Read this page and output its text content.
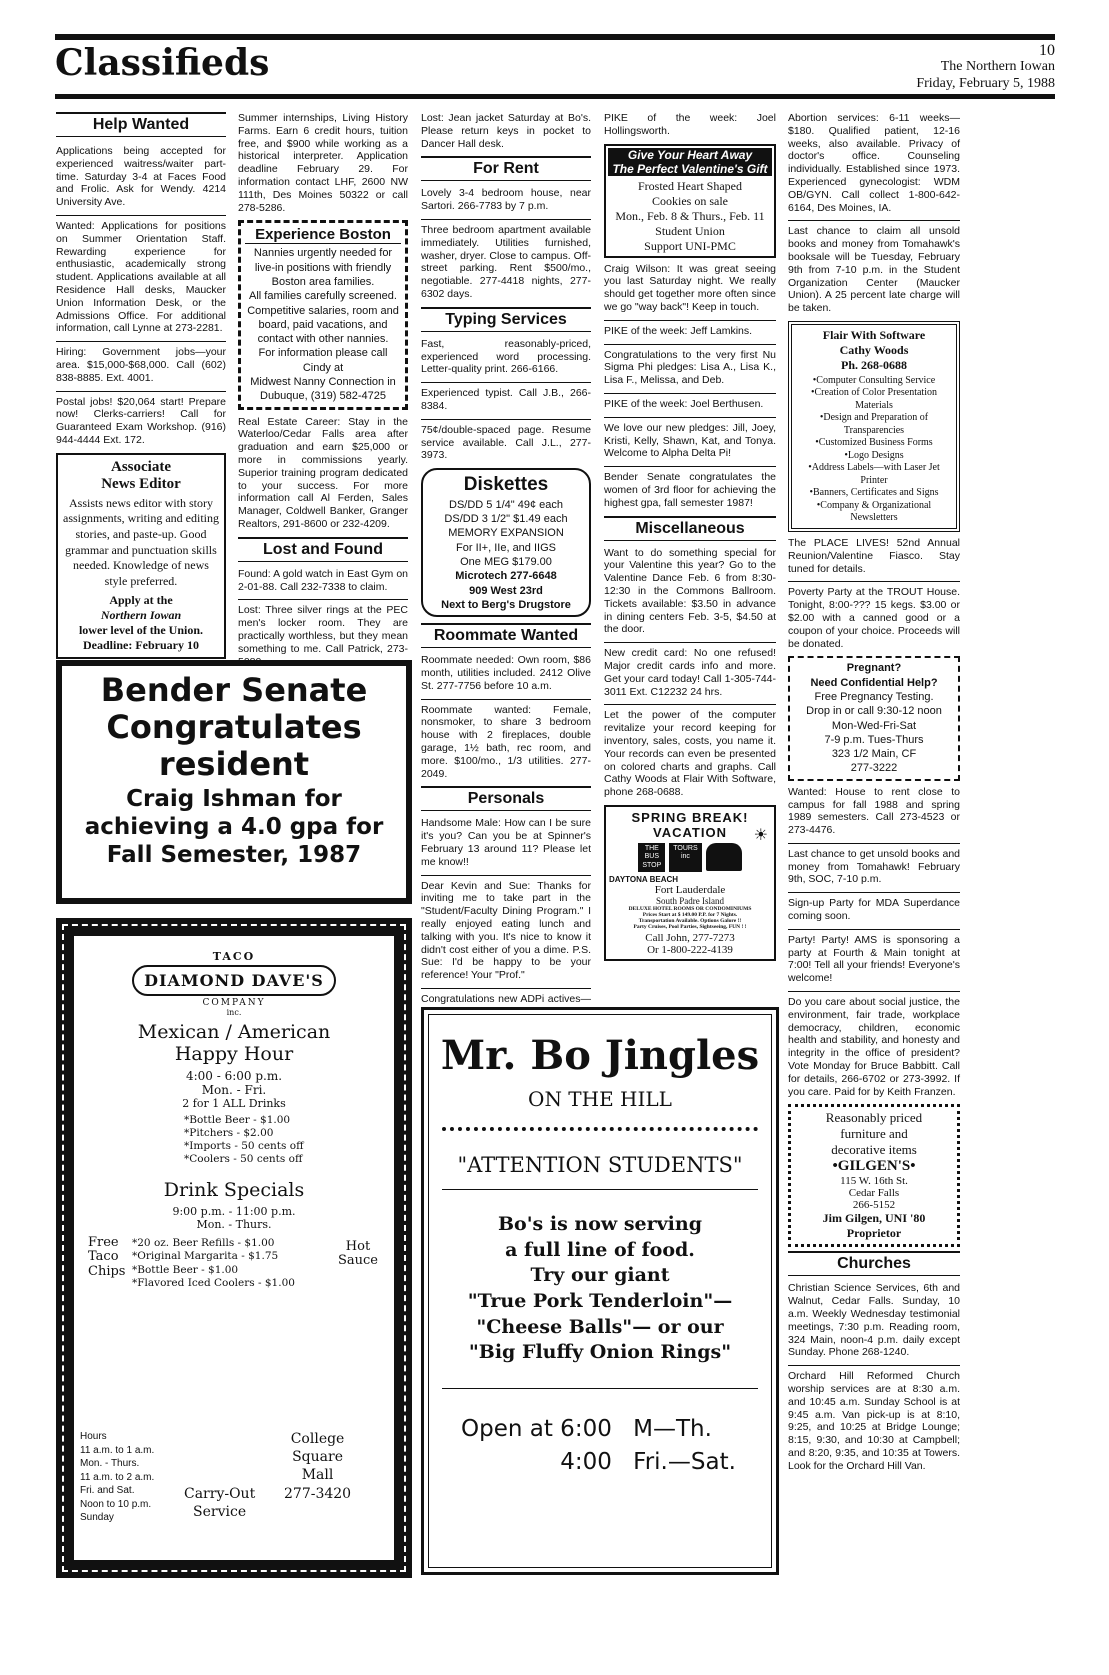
Classifieds	10
The Northern Iowan
Friday, February 5, 1988
Help Wanted

Applications being accepted for experienced waitress/waiter part-time. Saturday 3-4 at Faces Food and Frolic. Ask for Wendy. 4214 University Ave.

Wanted: Applications for positions on Summer Orientation Staff. Rewarding experience for enthusiastic, academically strong student. Applications available at all Residence Hall desks, Maucker Union Information Desk, or the Admissions Office. For additional information, call Lynne at 273-2281.

Hiring: Government jobs—your area. $15,000-$68,000. Call (602) 838-8885. Ext. 4001.

Postal jobs! $20,064 start! Prepare now! Clerks-carriers! Call for Guaranteed Exam Workshop. (916) 944-4444 Ext. 172.

Associate
News Editor
Assists news editor with story assignments, writing and editing stories, and paste-up. Good grammar and punctuation skills needed. Knowledge of news style preferred.
Apply at the
Northern Iowan
lower level of the Union.
Deadline: February 10

Summer internships, Living History Farms. Earn 6 credit hours, tuition free, and $900 while working as a historical interpreter. Application deadline February 29. For information contact LHF, 2600 NW 111th, Des Moines 50322 or call 278-5286.

Experience Boston
Nannies urgently needed for live-in positions with friendly Boston area families.
All families carefully screened. Competitive salaries, room and board, paid vacations, and contact with other nannies.
For information please call Cindy at
Midwest Nanny Connection in Dubuque, (319) 582-4725

Real Estate Career: Stay in the Waterloo/Cedar Falls area after graduation and earn $25,000 or more in commissions yearly. Superior training program dedicated to your success. For more information call Al Ferden, Sales Manager, Coldwell Banker, Granger Realtors, 291-8600 or 232-4209.

Lost and Found

Found: A gold watch in East Gym on 2-01-88. Call 232-7338 to claim.

Lost: Three silver rings at the PEC men's locker room. They are practically worthless, but they mean something to me. Call Patrick, 273-

Lost: Jean jacket Saturday at Bo's. Please return keys in pocket to Dancer Hall desk.

For Rent

Lovely 3-4 bedroom house, near Sartori. 266-7783 by 7 p.m.

Three bedroom apartment available immediately. Utilities furnished, washer, dryer. Close to campus. Off-street parking. Rent $500/mo., negotiable. 277-4418 nights, 277-6302 days.

Typing Services

Fast, reasonably-priced, experienced word processing. Letter-quality print. 266-6166.

Experienced typist. Call J.B., 266-8384.

75¢/double-spaced page. Resume service available. Call J.L., 277-3973.

Diskettes
DS/DD 5 1/4" 49¢ each
DS/DD 3 1/2" $1.49 each
MEMORY EXPANSION
For II+, IIe, and IIGS
One MEG $179.00
Microtech 277-6648
909 West 23rd
Next to Berg's Drugstore
Roommate Wanted

Roommate needed: Own room, $86 month, utilities included. 2412 Olive St. 277-7756 before 10 a.m.

Roommate wanted: Female, nonsmoker, to share 3 bedroom house with 2 fireplaces, double garage, 1½ bath, rec room, and more. $100/mo., 1/3 utilities. 277-2049.

Personals

Handsome Male: How can I be sure it's you? Can you be at Spinner's February 13 around 11? Please let me know!!

Dear Kevin and Sue: Thanks for inviting me to take part in the "Student/Faculty Dining Program." I really enjoyed eating lunch and talking with you. It's nice to know it didn't cost either of you a dime. P.S. Sue: I'd be happy to be your reference! Your "Prof."

Congratulations new ADPi actives—

PIKE of the week: Joel Hollingsworth.

Give Your Heart Away
The Perfect Valentine's Gift
Frosted Heart Shaped
Cookies on sale
Mon., Feb. 8 & Thurs., Feb. 11
Student Union
Support UNI-PMC

Craig Wilson: It was great seeing you last Saturday night. We really should get together more often since we go "way back"! Keep in touch.

PIKE of the week: Jeff Lamkins.

Congratulations to the very first Nu Sigma Phi pledges: Lisa A., Lisa K., Lisa F., Melissa, and Deb.

PIKE of the week: Joel Berthusen.

We love our new pledges: Jill, Joey, Kristi, Kelly, Shawn, Kat, and Tonya. Welcome to Alpha Delta Pi!

Bender Senate congratulates the women of 3rd floor for achieving the highest gpa, fall semester 1987!

Miscellaneous

Want to do something special for your Valentine this year? Go to the Valentine Dance Feb. 6 from 8:30-12:30 in the Commons Ballroom. Tickets available: $3.50 in advance in dining centers Feb. 3-5, $4.50 at the door.

New credit card: No one refused! Major credit cards info and more. Get your card today! Call 1-305-744-3011 Ext. C12232 24 hrs.

Let the power of the computer revitalize your record keeping for inventory, sales, costs, you name it. Your records can even be presented on colored charts and graphs. Call Cathy Woods at Flair With Software, phone 268-0688.

SPRING BREAK!
VACATION	☀
THE
BUS
STOP
TOURS
inc
DAYTONA BEACH
Fort Lauderdale
South Padre Island
DELUXE HOTEL ROOMS OR CONDOMINIUMS
Prices Start at $ 149.00 P.P. for 7 Nights.
Transportation Available. Options Galore !!
Party Cruises, Pool Parties, Sightseeing, FUN ! !
Call John, 277-7273
Or 1-800-222-4139

Abortion services: 6-11 weeks—$180. Qualified patient, 12-16 weeks, also available. Privacy of doctor's office. Counseling individually. Established since 1973. Experienced gynecologist: WDM OB/GYN. Call collect 1-800-642-6164, Des Moines, IA.

Last chance to claim all unsold books and money from Tomahawk's booksale will be Tuesday, February 9th from 7-10 p.m. in the Student Organization Center (Maucker Union). A 25 percent late charge will be taken.

Flair With Software
Cathy Woods
Ph. 268-0688
•Computer Consulting Service
•Creation of Color Presentation Materials
•Design and Preparation of Transparencies
•Customized Business Forms
•Logo Designs
•Address Labels—with Laser Jet Printer
•Banners, Certificates and Signs
•Company & Organizational Newsletters

The PLACE LIVES! 52nd Annual Reunion/Valentine Fiasco. Stay tuned for details.

Poverty Party at the TROUT House. Tonight, 8:00-??? 15 kegs. $3.00 or $2.00 with a canned good or a coupon of your choice. Proceeds will be donated.

Pregnant?
Need Confidential Help?
Free Pregnancy Testing.
Drop in or call 9:30-12 noon
Mon-Wed-Fri-Sat
7-9 p.m. Tues-Thurs
323 1/2 Main, CF
277-3222

Wanted: House to rent close to campus for fall 1988 and spring 1989 semesters. Call 273-4523 or 273-4476.

Last chance to get unsold books and money from Tomahawk! February 9th, SOC, 7-10 p.m.

Sign-up Party for MDA Superdance coming soon.

Party! Party! AMS is sponsoring a party at Fourth & Main tonight at 7:00! Tell all your friends! Everyone's welcome!

Do you care about social justice, the environment, fair trade, workplace democracy, children, economic health and stability, and honesty and integrity in the office of president? Vote Monday for Bruce Babbitt. Call for details, 266-6702 or 273-3992. If you care. Paid for by Keith Franzen.

Reasonably priced
furniture and
decorative items
•GILGEN'S•
115 W. 16th St.
Cedar Falls
266-5152
Jim Gilgen, UNI '80
Proprietor
Churches

Christian Science Services, 6th and Walnut, Cedar Falls. Sunday, 10 a.m. Weekly Wednesday testimonial meetings, 7:30 p.m. Reading room, 324 Main, noon-4 p.m. daily except Sunday. Phone 268-1240.

Orchard Hill Reformed Church worship services are at 8:30 a.m. and 10:45 a.m. Sunday School is at 9:45 a.m. Van pick-up is at 8:10, 9:25, and 10:25 at Bridge Lounge; 8:15, 9:30, and 10:30 at Campbell; and 8:20, 9:35, and 10:35 at Towers. Look for the Orchard Hill Van.

Bender Senate
Congratulates
resident
Craig Ishman for
achieving a 4.0 gpa for
Fall Semester, 1987
TACO
DIAMOND DAVE'S
COMPANY
inc.
Mexican / American
Happy Hour
4:00 - 6:00 p.m.
Mon. - Fri.
2 for 1 ALL Drinks
*Bottle Beer - $1.00
*Pitchers - $2.00
*Imports - 50 cents off
*Coolers - 50 cents off
Free
Taco
Chips
Hot
Sauce
Drink Specials
9:00 p.m. - 11:00 p.m.
Mon. - Thurs.
*20 oz. Beer Refills - $1.00
*Original Margarita - $1.75
*Bottle Beer - $1.00
*Flavored Iced Coolers - $1.00
Hours
11 a.m. to 1 a.m.
Mon. - Thurs.
11 a.m. to 2 a.m.
Fri. and Sat.
Noon to 10 p.m.
Sunday
Carry-Out
Service
College
Square
Mall
277-3420
Mr. Bo Jingles
ON THE HILL
"ATTENTION STUDENTS"
Bo's is now serving
a full line of food.
Try our giant
"True Pork Tenderloin"—
"Cheese Balls"— or our
"Big Fluffy Onion Rings"
Open at 6:00 M—Th.
4:00 Fri.—Sat.
